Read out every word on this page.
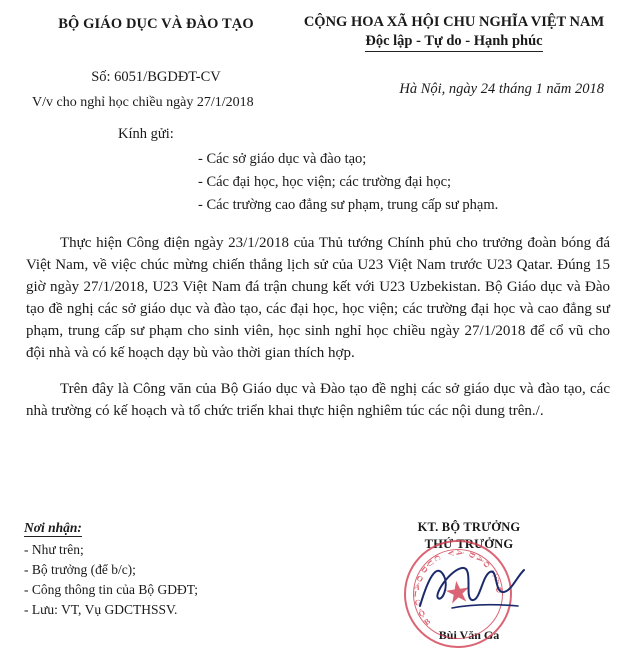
BỘ GIÁO DỤC VÀ ĐÀO TẠO	CỘNG HOA XÃ HỘI CHU NGHĨA VIỆT NAM
Độc lập - Tự do - Hạnh phúc
Số: 6051/BGDĐT-CV
V/v cho nghỉ học chiều ngày 27/1/2018
Hà Nội, ngày 24 tháng 1 năm 2018
Kính gửi:
- Các sở giáo dục và đào tạo;
- Các đại học, học viện; các trường đại học;
- Các trường cao đẳng sư phạm, trung cấp sư phạm.

Thực hiện Công điện ngày 23/1/2018 của Thủ tướng Chính phủ cho trưởng đoàn bóng đá Việt Nam, về việc chúc mừng chiến thắng lịch sử của U23 Việt Nam trước U23 Qatar. Đúng 15 giờ ngày 27/1/2018, U23 Việt Nam đá trận chung kết với U23 Uzbekistan. Bộ Giáo dục và Đào tạo đề nghị các sở giáo dục và đào tạo, các đại học, học viện; các trường đại học và cao đẳng sư phạm, trung cấp sư phạm cho sinh viên, học sinh nghỉ học chiều ngày 27/1/2018 để cổ vũ cho đội nhà và có kế hoạch dạy bù vào thời gian thích hợp.

Trên đây là Công văn của Bộ Giáo dục và Đào tạo đề nghị các sở giáo dục và đào tạo, các nhà trường có kế hoạch và tổ chức triển khai thực hiện nghiêm túc các nội dung trên./.

Nơi nhận:
- Như trên;
- Bộ trưởng (để b/c);
- Công thông tin của Bộ GDĐT;
- Lưu: VT, Vụ GDCTHSSV.
KT. BỘ TRƯỞNG
THỨ TRƯỞNG
Bùi Văn Ga
★
B
Ộ
G
I
Á
O
D
Ụ
C
V À Đ
À
O
T
Ạ
O
